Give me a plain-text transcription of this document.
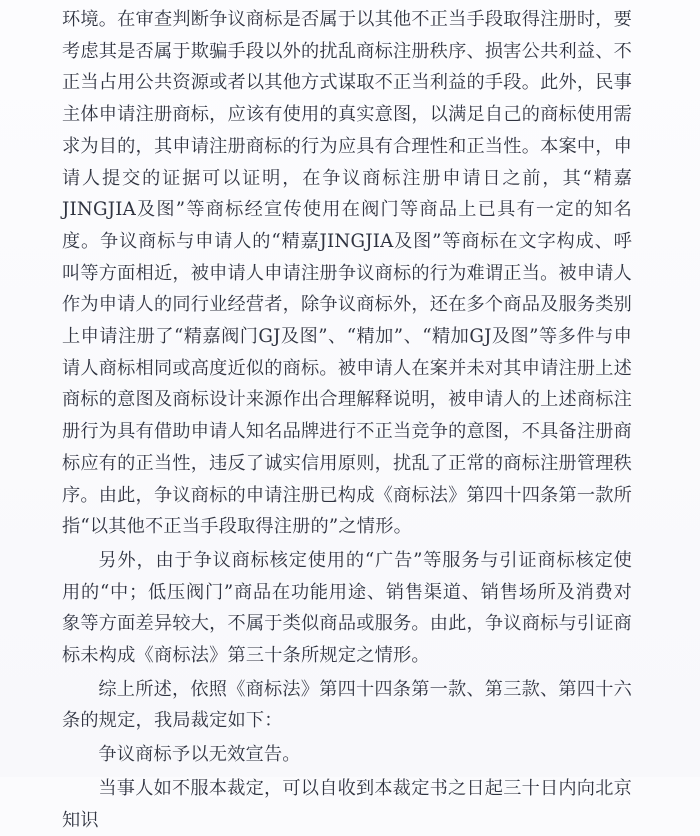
环境。在审查判断争议商标是否属于以其他不正当手段取得注册时，要考虑其是否属于欺骗手段以外的扰乱商标注册秩序、损害公共利益、不正当占用公共资源或者以其他方式谋取不正当利益的手段。此外，民事主体申请注册商标，应该有使用的真实意图，以满足自己的商标使用需求为目的，其申请注册商标的行为应具有合理性和正当性。本案中，申请人提交的证据可以证明，在争议商标注册申请日之前，其“精嘉JINGJIA及图”等商标经宣传使用在阀门等商品上已具有一定的知名度。争议商标与申请人的“精嘉JINGJIA及图”等商标在文字构成、呼叫等方面相近，被申请人申请注册争议商标的行为难谓正当。被申请人作为申请人的同行业经营者，除争议商标外，还在多个商品及服务类别上申请注册了“精嘉阀门GJ及图”、“精加”、“精加GJ及图”等多件与申请人商标相同或高度近似的商标。被申请人在案并未对其申请注册上述商标的意图及商标设计来源作出合理解释说明，被申请人的上述商标注册行为具有借助申请人知名品牌进行不正当竞争的意图，不具备注册商标应有的正当性，违反了诚实信用原则，扰乱了正常的商标注册管理秩序。由此，争议商标的申请注册已构成《商标法》第四十四条第一款所指“以其他不正当手段取得注册的”之情形。

另外，由于争议商标核定使用的“广告”等服务与引证商标核定使用的“中；低压阀门”商品在功能用途、销售渠道、销售场所及消费对象等方面差异较大，不属于类似商品或服务。由此，争议商标与引证商标未构成《商标法》第三十条所规定之情形。

综上所述，依照《商标法》第四十四条第一款、第三款、第四十六条的规定，我局裁定如下：

争议商标予以无效宣告。

当事人如不服本裁定，可以自收到本裁定书之日起三十日内向北京知识
